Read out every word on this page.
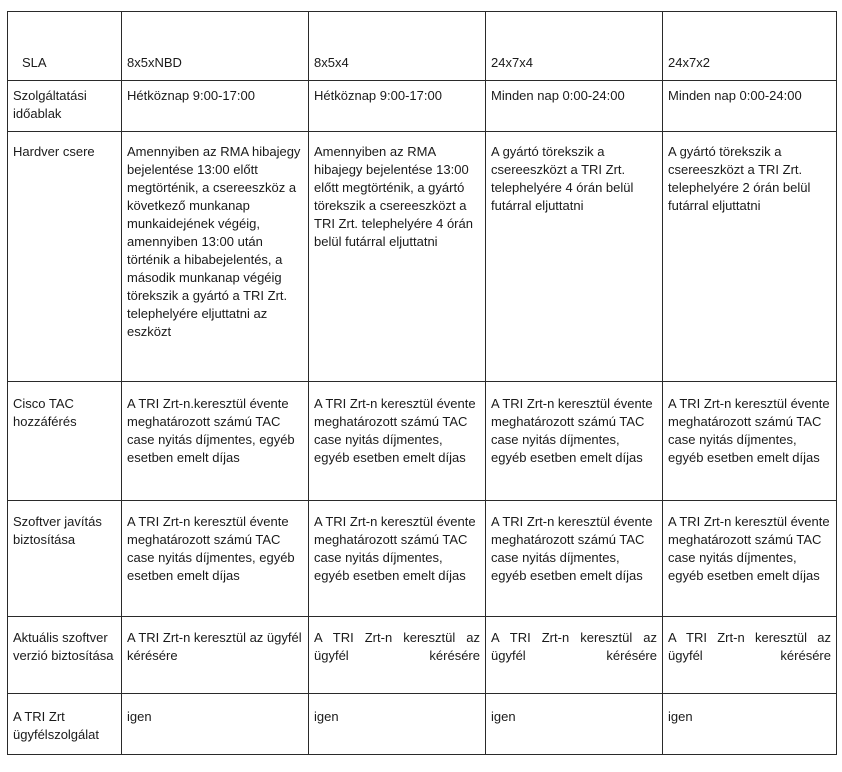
SLA	8x5xNBD	8x5x4	24x7x4	24x7x2
Szolgáltatási időablak	Hétköznap 9:00-17:00	Hétköznap 9:00-17:00	Minden nap 0:00-24:00	Minden nap 0:00-24:00
Hardver csere	Amennyiben az RMA hibajegy bejelentése 13:00 előtt megtörténik, a csereeszköz a következő munkanap munkaidejének végéig, amennyiben 13:00 után történik a hibabejelentés, a második munkanap végéig törekszik a gyártó a TRI Zrt. telephelyére eljuttatni az eszközt	Amennyiben az RMA hibajegy bejelentése 13:00 előtt megtörténik, a gyártó törekszik a csereeszközt a TRI Zrt. telephelyére 4 órán belül futárral eljuttatni	A gyártó törekszik a csereeszközt a TRI Zrt. telephelyére 4 órán belül futárral eljuttatni	A gyártó törekszik a csereeszközt a TRI Zrt. telephelyére 2 órán belül futárral eljuttatni
Cisco TAC hozzáférés	A TRI Zrt-n.keresztül évente meghatározott számú TAC case nyitás díjmentes, egyéb esetben emelt díjas	A TRI Zrt-n keresztül évente meghatározott számú TAC case nyitás díjmentes, egyéb esetben emelt díjas	A TRI Zrt-n keresztül évente meghatározott számú TAC case nyitás díjmentes, egyéb esetben emelt díjas	A TRI Zrt-n keresztül évente meghatározott számú TAC case nyitás díjmentes, egyéb esetben emelt díjas
Szoftver javítás biztosítása	A TRI Zrt-n keresztül évente meghatározott számú TAC case nyitás díjmentes, egyéb esetben emelt díjas	A TRI Zrt-n keresztül évente meghatározott számú TAC case nyitás díjmentes, egyéb esetben emelt díjas	A TRI Zrt-n keresztül évente meghatározott számú TAC case nyitás díjmentes, egyéb esetben emelt díjas	A TRI Zrt-n keresztül évente meghatározott számú TAC case nyitás díjmentes, egyéb esetben emelt díjas
Aktuális szoftver verzió biztosítása	A TRI Zrt-n keresztül az ügyfél kérésére	A TRI Zrt-n keresztül az ügyfél kérésére	A TRI Zrt-n keresztül az ügyfél kérésére	A TRI Zrt-n keresztül az ügyfél kérésére
A TRI Zrt ügyfélszolgálat	igen	igen	igen	igen
